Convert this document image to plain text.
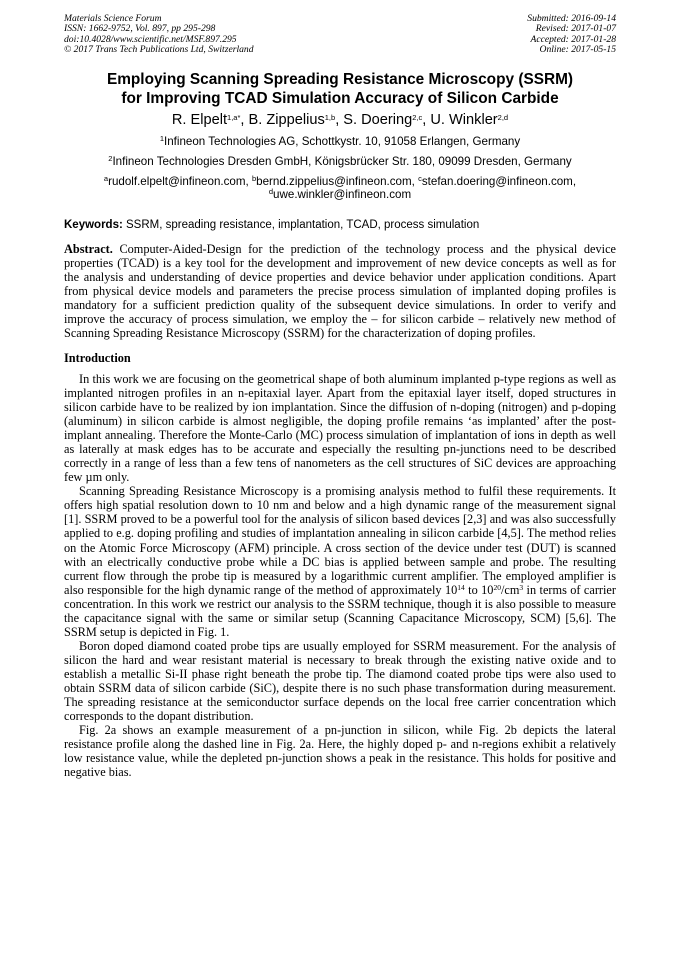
Materials Science Forum
ISSN: 1662-9752, Vol. 897, pp 295-298
doi:10.4028/www.scientific.net/MSF.897.295
© 2017 Trans Tech Publications Ltd, Switzerland
Submitted: 2016-09-14
Revised: 2017-01-07
Accepted: 2017-01-28
Online: 2017-05-15
Employing Scanning Spreading Resistance Microscopy (SSRM)
for Improving TCAD Simulation Accuracy of Silicon Carbide
R. Elpelt$^{1,a*}$, B. Zippelius$^{1,b}$, S. Doering$^{2,c}$, U. Winkler$^{2,d}$
$^1$Infineon Technologies AG, Schottkystr. 10, 91058 Erlangen, Germany
$^2$Infineon Technologies Dresden GmbH, Königsbrücker Str. 180, 09099 Dresden, Germany
$^a$rudolf.elpelt@infineon.com, $^b$bernd.zippelius@infineon.com, $^c$stefan.doering@infineon.com,
$^d$uwe.winkler@infineon.com
Keywords: SSRM, spreading resistance, implantation, TCAD, process simulation
Abstract. Computer-Aided-Design for the prediction of the technology process and the physical device properties (TCAD) is a key tool for the development and improvement of new device concepts as well as for the analysis and understanding of device properties and device behavior under application conditions. Apart from physical device models and parameters the precise process simulation of implanted doping profiles is mandatory for a sufficient prediction quality of the subsequent device simulations. In order to verify and improve the accuracy of process simulation, we employ the – for silicon carbide – relatively new method of Scanning Spreading Resistance Microscopy (SSRM) for the characterization of doping profiles.
Introduction
In this work we are focusing on the geometrical shape of both aluminum implanted p-type regions as well as implanted nitrogen profiles in an n-epitaxial layer. Apart from the epitaxial layer itself, doped structures in silicon carbide have to be realized by ion implantation. Since the diffusion of n-doping (nitrogen) and p-doping (aluminum) in silicon carbide is almost negligible, the doping profile remains ‘as implanted’ after the post-implant annealing. Therefore the Monte-Carlo (MC) process simulation of implantation of ions in depth as well as laterally at mask edges has to be accurate and especially the resulting pn-junctions need to be described correctly in a range of less than a few tens of nanometers as the cell structures of SiC devices are approaching few µm only.
Scanning Spreading Resistance Microscopy is a promising analysis method to fulfil these requirements. It offers high spatial resolution down to 10 nm and below and a high dynamic range of the measurement signal [1]. SSRM proved to be a powerful tool for the analysis of silicon based devices [2,3] and was also successfully applied to e.g. doping profiling and studies of implantation annealing in silicon carbide [4,5]. The method relies on the Atomic Force Microscopy (AFM) principle. A cross section of the device under test (DUT) is scanned with an electrically conductive probe while a DC bias is applied between sample and probe. The resulting current flow through the probe tip is measured by a logarithmic current amplifier. The employed amplifier is also responsible for the high dynamic range of the method of approximately $10^{14}$ to $10^{20}/cm^3$ in terms of carrier concentration. In this work we restrict our analysis to the SSRM technique, though it is also possible to measure the capacitance signal with the same or similar setup (Scanning Capacitance Microscopy, SCM) [5,6]. The SSRM setup is depicted in Fig. 1.
Boron doped diamond coated probe tips are usually employed for SSRM measurement. For the analysis of silicon the hard and wear resistant material is necessary to break through the existing native oxide and to establish a metallic Si-II phase right beneath the probe tip. The diamond coated probe tips were also used to obtain SSRM data of silicon carbide (SiC), despite there is no such phase transformation during measurement. The spreading resistance at the semiconductor surface depends on the local free carrier concentration which corresponds to the dopant distribution.
Fig. 2a shows an example measurement of a pn-junction in silicon, while Fig. 2b depicts the lateral resistance profile along the dashed line in Fig. 2a. Here, the highly doped p- and n-regions exhibit a relatively low resistance value, while the depleted pn-junction shows a peak in the resistance. This holds for positive and negative bias.
